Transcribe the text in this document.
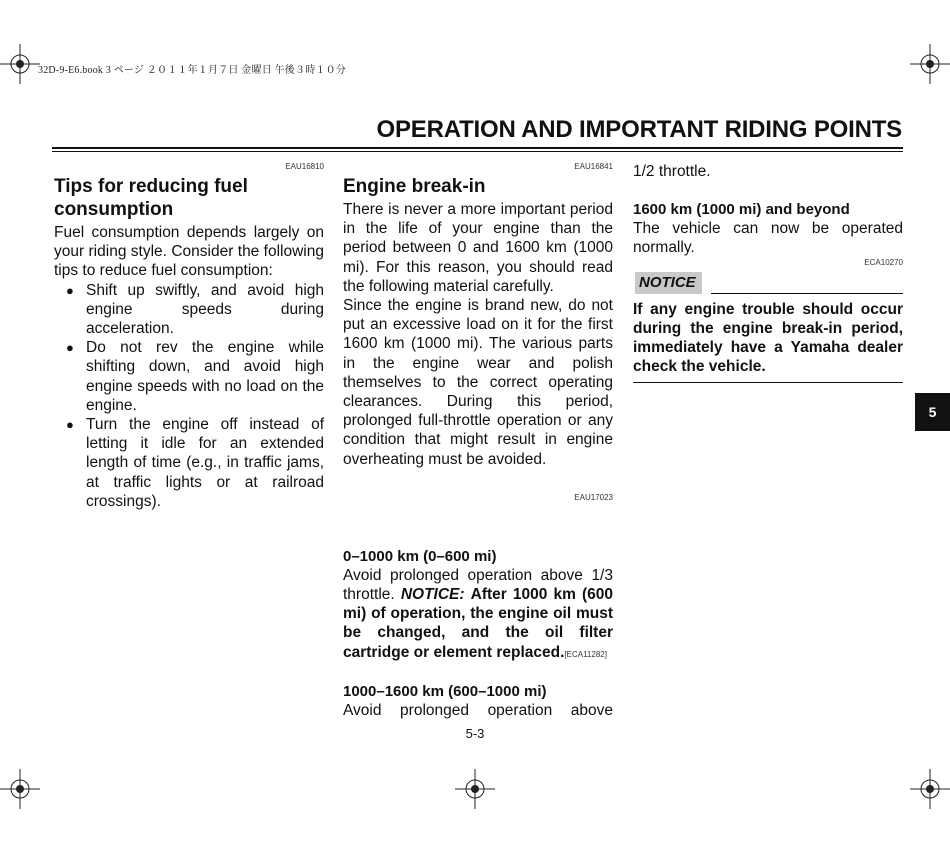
32D-9-E6.book 3 ページ ２０１１年１月７日 金曜日 午後３時１０分
OPERATION AND IMPORTANT RIDING POINTS

EAU16810

Tips for reducing fuel consumption

Fuel consumption depends largely on your riding style. Consider the following tips to reduce fuel consumption:

● Shift up swiftly, and avoid high engine speeds during acceleration.
● Do not rev the engine while shifting down, and avoid high engine speeds with no load on the engine.
● Turn the engine off instead of letting it idle for an extended length of time (e.g., in traffic jams, at traffic lights or at railroad crossings).

EAU16841

Engine break-in

There is never a more important period in the life of your engine than the period between 0 and 1600 km (1000 mi). For this reason, you should read the following material carefully.

Since the engine is brand new, do not put an excessive load on it for the first 1600 km (1000 mi). The various parts in the engine wear and polish themselves to the correct operating clearances. During this period, prolonged full-throttle operation or any condition that might result in engine overheating must be avoided.

EAU17023

0–1000 km (0–600 mi)

Avoid prolonged operation above 1/3 throttle. NOTICE: After 1000 km (600 mi) of operation, the engine oil must be changed, and the oil filter cartridge or element replaced.[ECA11282]

1000–1600 km (600–1000 mi)

Avoid prolonged operation above

1/2 throttle.

1600 km (1000 mi) and beyond

The vehicle can now be operated normally.

ECA10270

NOTICE

If any engine trouble should occur during the engine break-in period, immediately have a Yamaha dealer check the vehicle.

5
5-3
